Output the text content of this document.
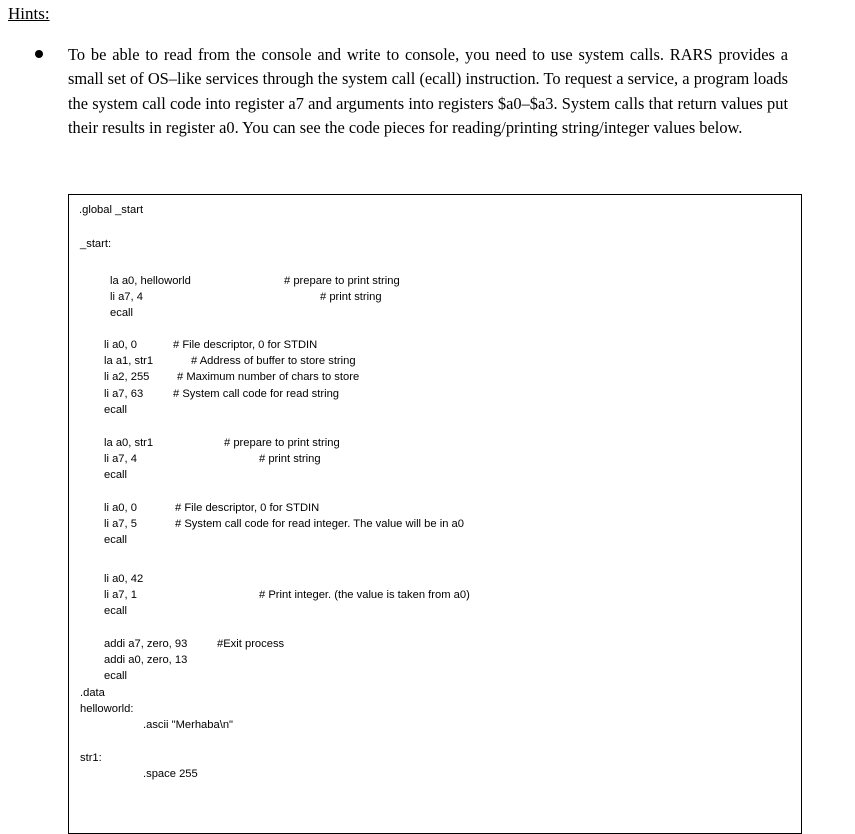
Hints:

To be able to read from the console and write to console, you need to use system calls. RARS provides a small set of OS–like services through the system call (ecall) instruction. To request a service, a program loads the system call code into register a7 and arguments into registers $a0–$a3. System calls that return values put their results in register a0. You can see the code pieces for reading/printing string/integer values below.

.global _start
_start:
la a0, helloworld
li a7, 4
ecall
# prepare to print string
# print string
li a0, 0
la a1, str1
li a2, 255
li a7, 63
ecall
# File descriptor, 0 for STDIN
# Address of buffer to store string
# Maximum number of chars to store
# System call code for read string
la a0, str1
li a7, 4
ecall
# prepare to print string
# print string
li a0, 0
li a7, 5
ecall
# File descriptor, 0 for STDIN
# System call code for read integer. The value will be in a0
li a0, 42
li a7, 1
ecall
# Print integer. (the value is taken from a0)
addi a7, zero, 93
addi a0, zero, 13
ecall
#Exit process
.data
helloworld:
.ascii "Merhaba\n"
str1:
.space 255
